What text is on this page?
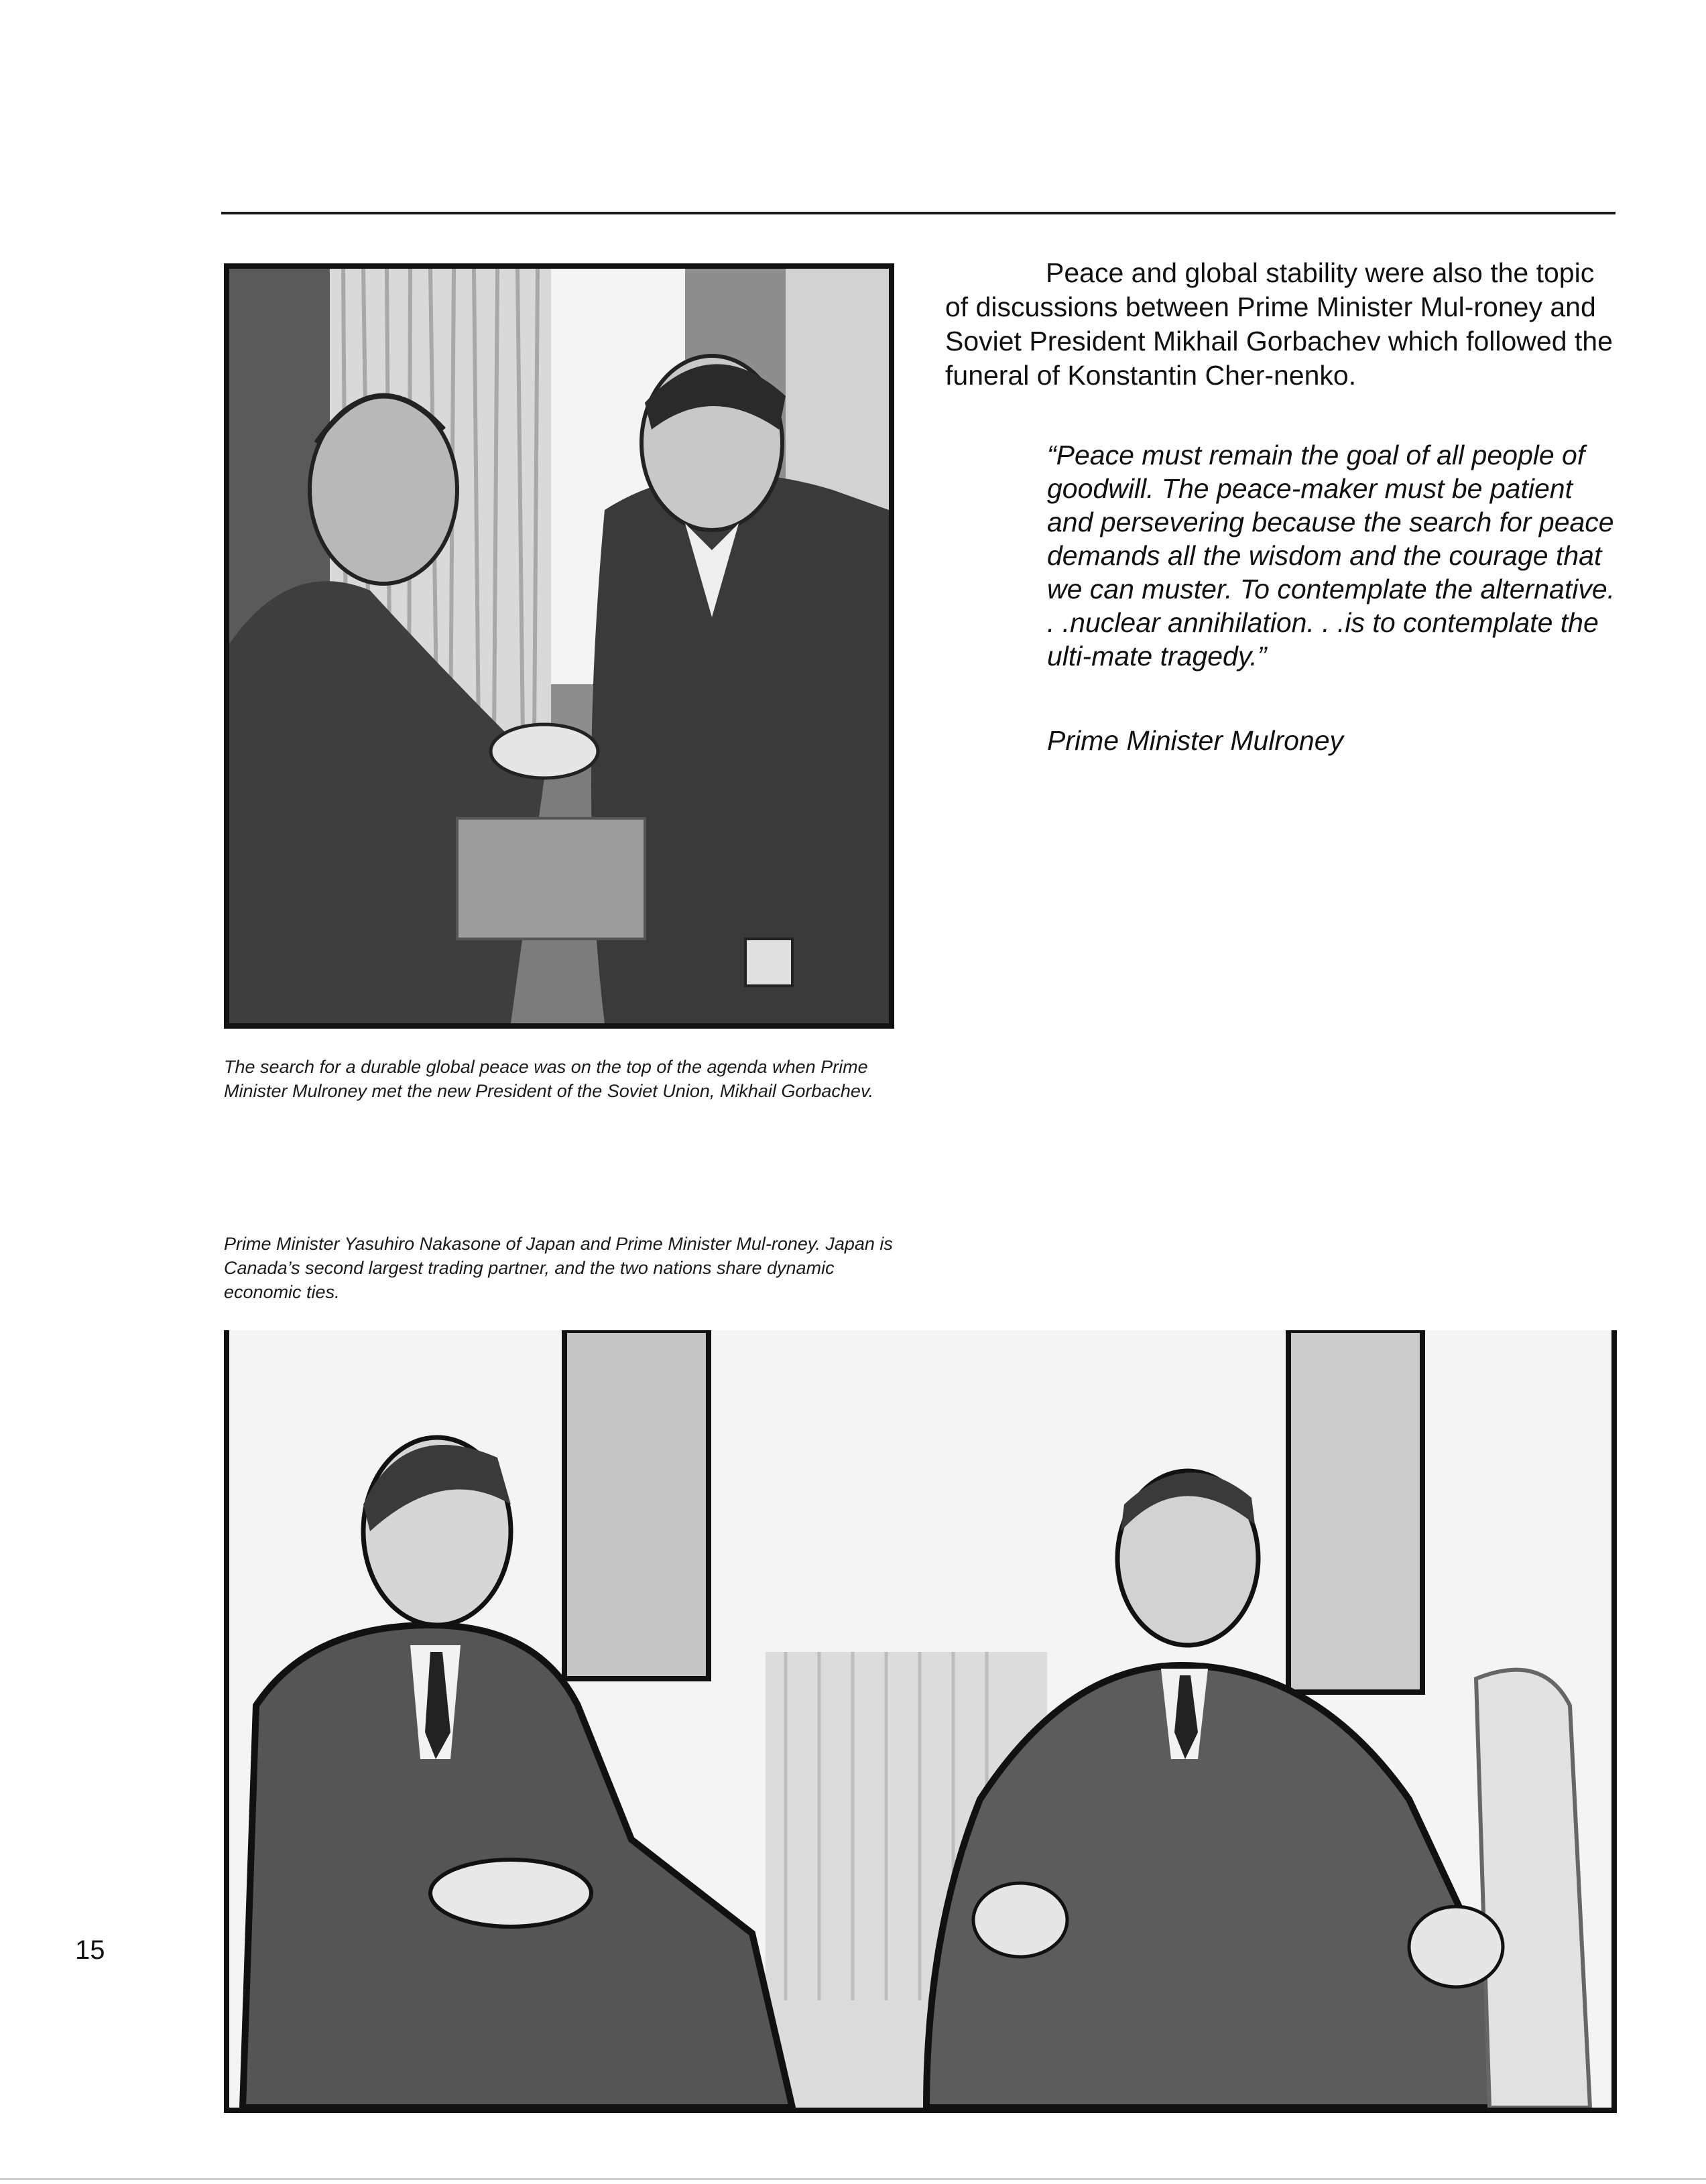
The search for a durable global peace was on the top of the agenda when Prime Minister Mulroney met the new President of the Soviet Union, Mikhail Gorbachev.

Peace and global stability were also the topic of discussions between Prime Minister Mul-roney and Soviet President Mikhail Gorbachev which followed the funeral of Konstantin Cher-nenko.

“Peace must remain the goal of all people of goodwill. The peace-maker must be patient and persevering because the search for peace demands all the wisdom and the courage that we can muster. To contemplate the alternative. . .nuclear annihilation. . .is to contemplate the ulti-mate tragedy.”

Prime Minister Mulroney
Prime Minister Yasuhiro Nakasone of Japan and Prime Minister Mul-roney. Japan is Canada’s second largest trading partner, and the two nations share dynamic economic ties.
15
